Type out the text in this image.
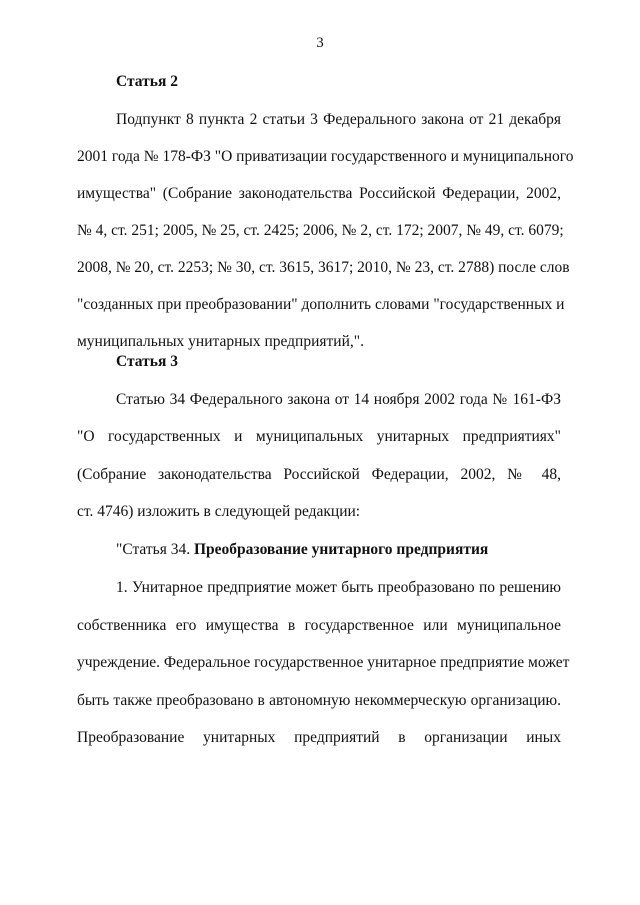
3
Статья 2
Подпункт 8 пункта 2 статьи 3 Федерального закона от 21 декабря
2001 года № 178-ФЗ "О приватизации государственного и муниципального
имущества" (Собрание законодательства Российской Федерации, 2002,
№ 4, ст. 251; 2005, № 25, ст. 2425; 2006, № 2, ст. 172; 2007, № 49, ст. 6079;
2008, № 20, ст. 2253; № 30, ст. 3615, 3617; 2010, № 23, ст. 2788) после слов
"созданных при преобразовании" дополнить словами "государственных и
муниципальных унитарных предприятий,".
Статья 3
Статью 34 Федерального закона от 14 ноября 2002 года № 161-ФЗ
"О государственных и муниципальных унитарных предприятиях"
(Собрание законодательства Российской Федерации, 2002, № 48,
ст. 4746) изложить в следующей редакции:
"Статья 34. Преобразование унитарного предприятия
1. Унитарное предприятие может быть преобразовано по решению
собственника его имущества в государственное или муниципальное
учреждение. Федеральное государственное унитарное предприятие может
быть также преобразовано в автономную некоммерческую организацию.
Преобразование унитарных предприятий в организации иных
